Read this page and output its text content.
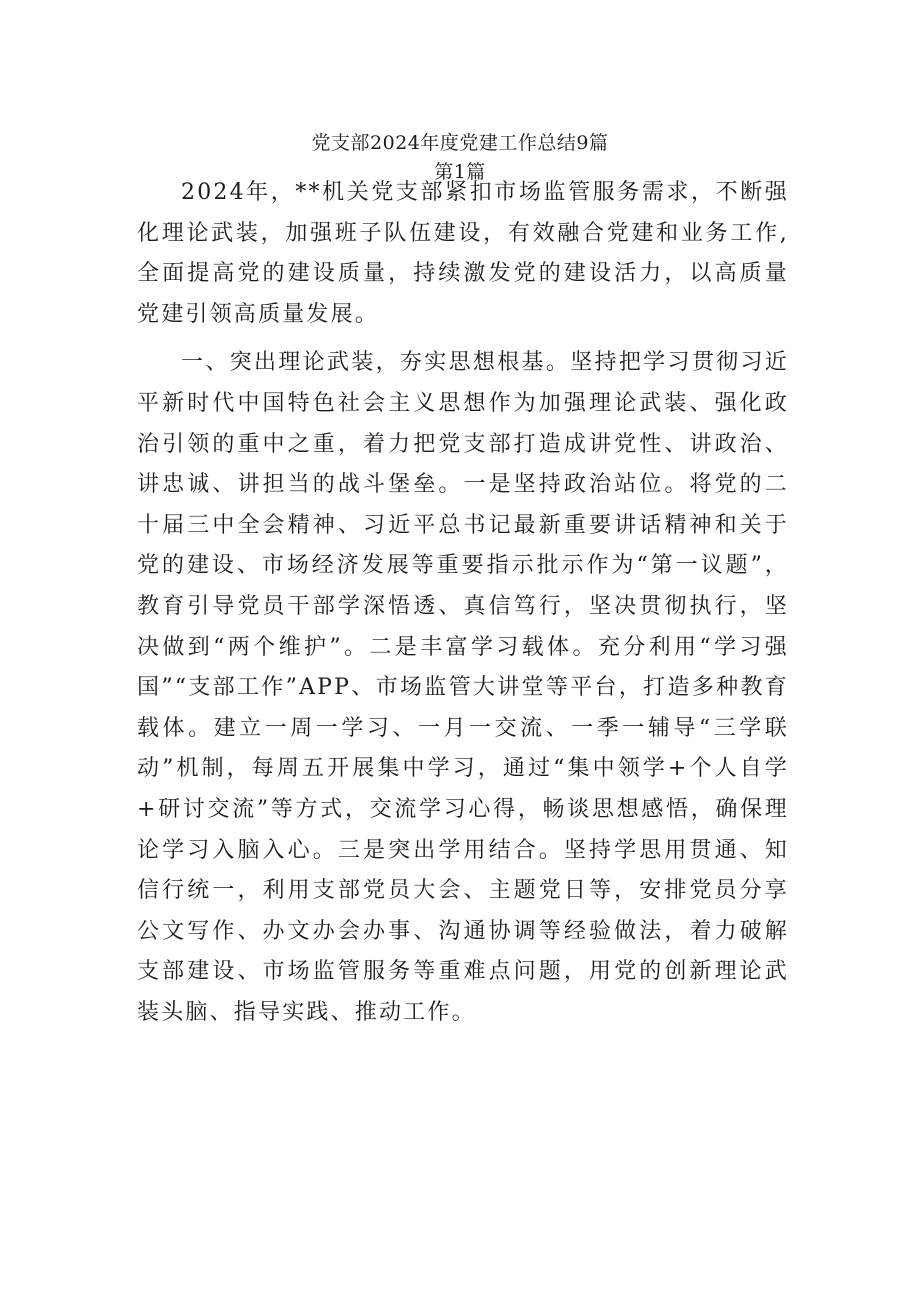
党支部2024年度党建工作总结9篇
第1篇

2024年，**机关党支部紧扣市场监管服务需求，不断强化理论武装，加强班子队伍建设，有效融合党建和业务工作,全面提高党的建设质量，持续激发党的建设活力，以高质量党建引领高质量发展。

一、突出理论武装，夯实思想根基。坚持把学习贯彻习近平新时代中国特色社会主义思想作为加强理论武装、强化政治引领的重中之重，着力把党支部打造成讲党性、讲政治、讲忠诚、讲担当的战斗堡垒。一是坚持政治站位。将党的二十届三中全会精神、习近平总书记最新重要讲话精神和关于党的建设、市场经济发展等重要指示批示作为“第一议题”，教育引导党员干部学深悟透、真信笃行，坚决贯彻执行，坚决做到“两个维护”。二是丰富学习载体。充分利用“学习强国”“支部工作”APP、市场监管大讲堂等平台，打造多种教育载体。建立一周一学习、一月一交流、一季一辅导“三学联动”机制，每周五开展集中学习，通过“集中领学+个人自学+研讨交流”等方式，交流学习心得，畅谈思想感悟，确保理论学习入脑入心。三是突出学用结合。坚持学思用贯通、知信行统一，利用支部党员大会、主题党日等，安排党员分享公文写作、办文办会办事、沟通协调等经验做法，着力破解支部建设、市场监管服务等重难点问题，用党的创新理论武装头脑、指导实践、推动工作。
